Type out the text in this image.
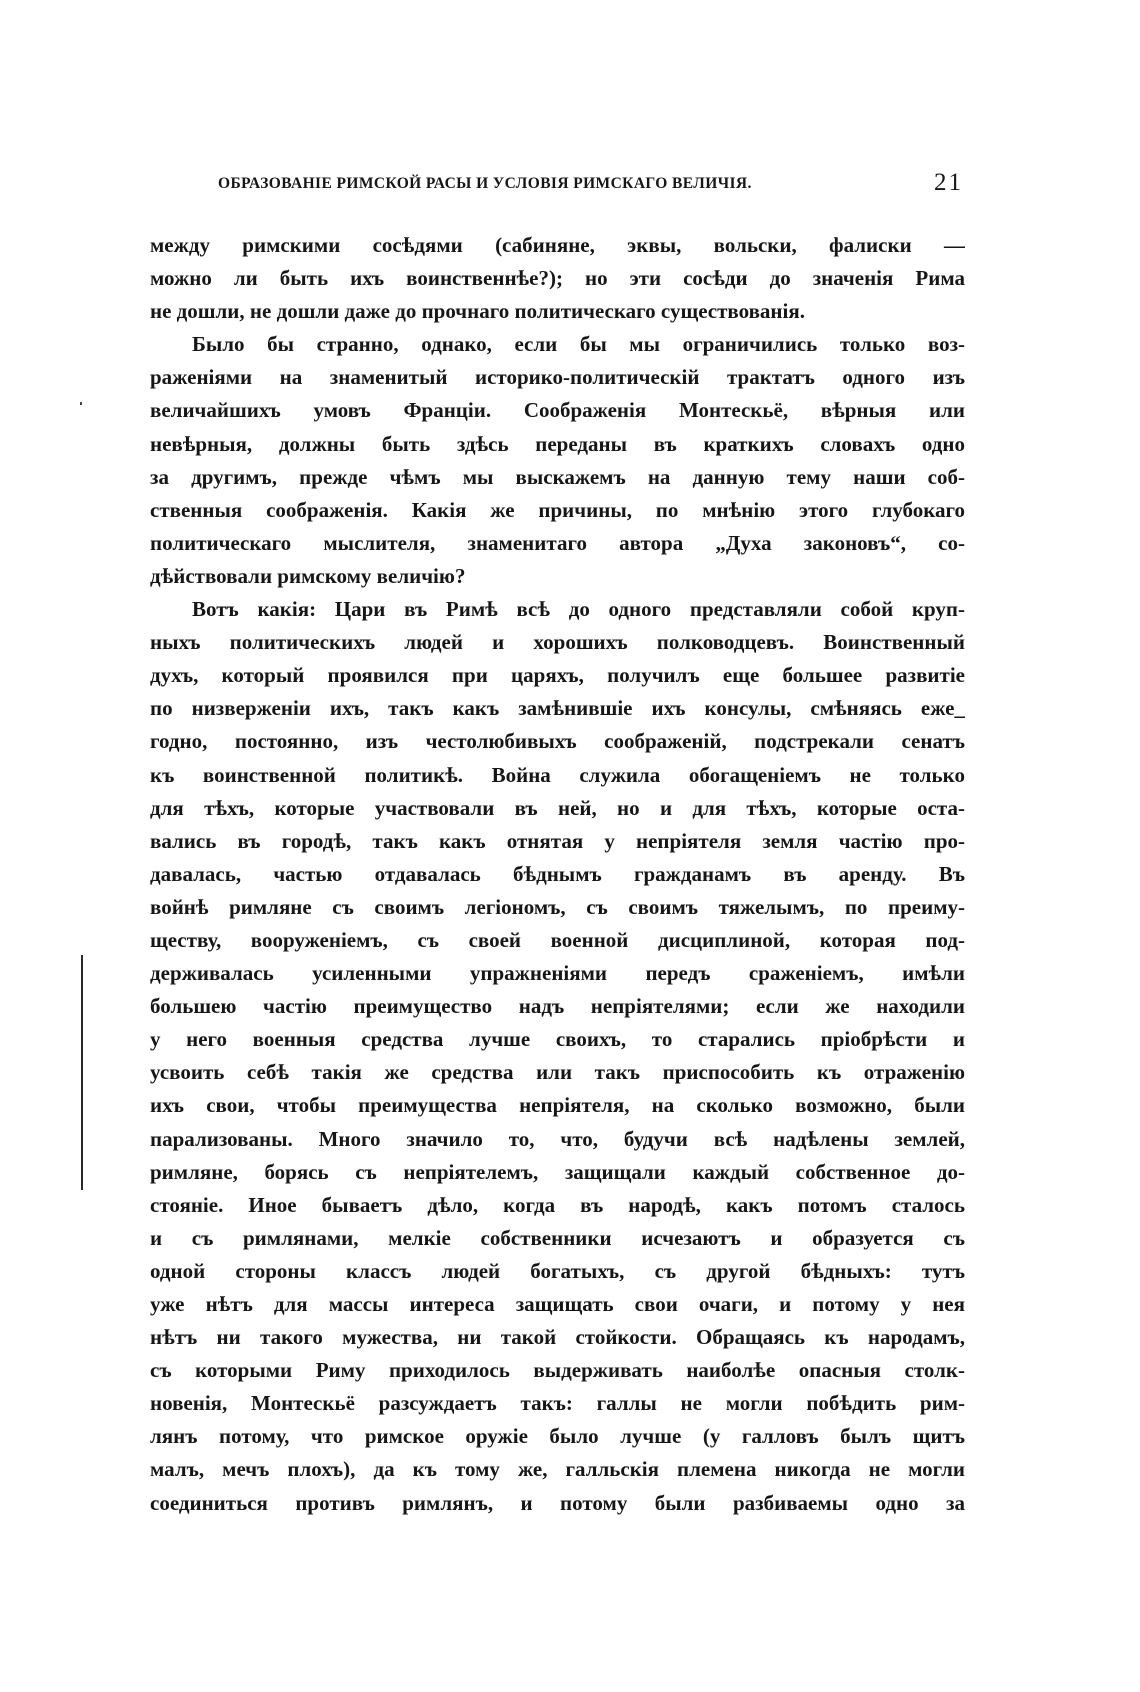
ОБРАЗОВАНІЕ РИМСКОЙ РАСЫ И УСЛОВІЯ РИМСКАГО ВЕЛИЧІЯ.	21
между римскими сосѣдями (сабиняне, эквы, вольски, фалиски —
можно ли быть ихъ воинственнѣе?); но эти сосѣди до значенія Рима
не дошли, не дошли даже до прочнаго политическаго существованія.
Было бы странно, однако, если бы мы ограничились только воз-
раженіями на знаменитый историко-политическій трактатъ одного изъ
величайшихъ умовъ Франціи. Соображенія Монтескьё, вѣрныя или
невѣрныя, должны быть здѣсь переданы въ краткихъ словахъ одно
за другимъ, прежде чѣмъ мы выскажемъ на данную тему наши соб-
ственныя соображенія. Какія же причины, по мнѣнію этого глубокаго
политическаго мыслителя, знаменитаго автора „Духа законовъ“, со-
дѣйствовали римскому величію?
Вотъ какія: Цари въ Римѣ всѣ до одного представляли собой круп-
ныхъ политическихъ людей и хорошихъ полководцевъ. Воинственный
духъ, который проявился при царяхъ, получилъ еще большее развитіе
по низверженіи ихъ, такъ какъ замѣнившіе ихъ консулы, смѣняясь еже_
годно, постоянно, изъ честолюбивыхъ соображеній, подстрекали сенатъ
къ воинственной политикѣ. Война служила обогащеніемъ не только
для тѣхъ, которые участвовали въ ней, но и для тѣхъ, которые оста-
вались въ городѣ, такъ какъ отнятая у непріятеля земля частію про-
давалась, частью отдавалась бѣднымъ гражданамъ въ аренду. Въ
войнѣ римляне съ своимъ легіономъ, съ своимъ тяжелымъ, по преиму-
ществу, вооруженіемъ, съ своей военной дисциплиной, которая под-
держивалась усиленными упражненіями передъ сраженіемъ, имѣли
большею частію преимущество надъ непріятелями; если же находили
у него военныя средства лучше своихъ, то старались пріобрѣсти и
усвоить себѣ такія же средства или такъ приспособить къ отраженію
ихъ свои, чтобы преимущества непріятеля, на сколько возможно, были
парализованы. Много значило то, что, будучи всѣ надѣлены землей,
римляне, борясь съ непріятелемъ, защищали каждый собственное до-
стояніе. Иное бываетъ дѣло, когда въ народѣ, какъ потомъ сталось
и съ римлянами, мелкіе собственники исчезаютъ и образуется съ
одной стороны классъ людей богатыхъ, съ другой бѣдныхъ: тутъ
уже нѣтъ для массы интереса защищать свои очаги, и потому у нея
нѣтъ ни такого мужества, ни такой стойкости. Обращаясь къ народамъ,
съ которыми Риму приходилось выдерживать наиболѣе опасныя столк-
новенія, Монтескьё разсуждаетъ такъ: галлы не могли побѣдить рим-
лянъ потому, что римское оружіе было лучше (у галловъ былъ щитъ
малъ, мечъ плохъ), да къ тому же, галльскія племена никогда не могли
соединиться противъ римлянъ, и потому были разбиваемы одно за
